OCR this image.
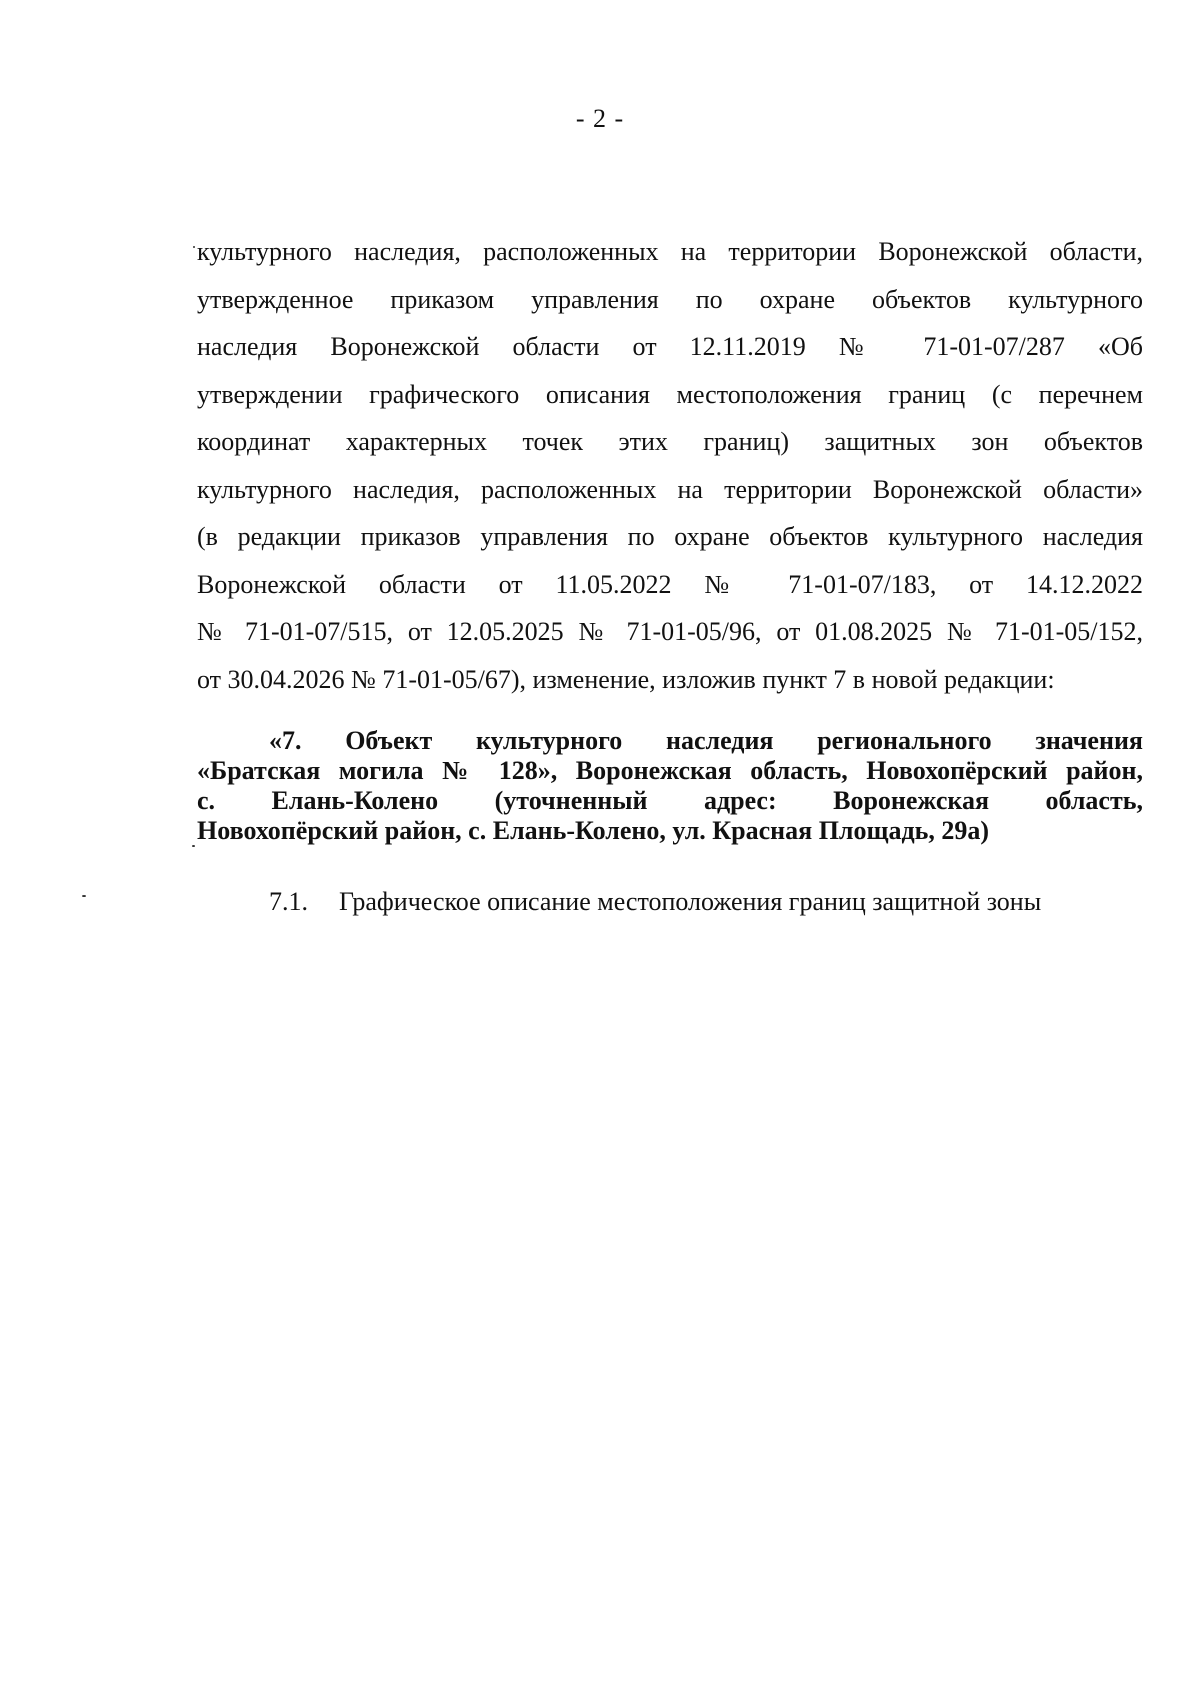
- 2 -
культурного наследия, расположенных на территории Воронежской области,
утвержденное приказом управления по охране объектов культурного
наследия Воронежской области от 12.11.2019 № 71-01-07/287 «Об
утверждении графического описания местоположения границ (с перечнем
координат характерных точек этих границ) защитных зон объектов
культурного наследия, расположенных на территории Воронежской области»
(в редакции приказов управления по охране объектов культурного наследия
Воронежской области от 11.05.2022 № 71-01-07/183, от 14.12.2022
№ 71-01-07/515, от 12.05.2025 № 71-01-05/96, от 01.08.2025 № 71-01-05/152,
от 30.04.2026 № 71-01-05/67), изменение, изложив пункт 7 в новой редакции:
«7. Объект культурного наследия регионального значения
«Братская могила № 128», Воронежская область, Новохопёрский район,
с. Елань-Колено (уточненный адрес: Воронежская область,
Новохопёрский район, с. Елань-Колено, ул. Красная Площадь, 29а)
7.1. Графическое описание местоположения границ защитной зоны
